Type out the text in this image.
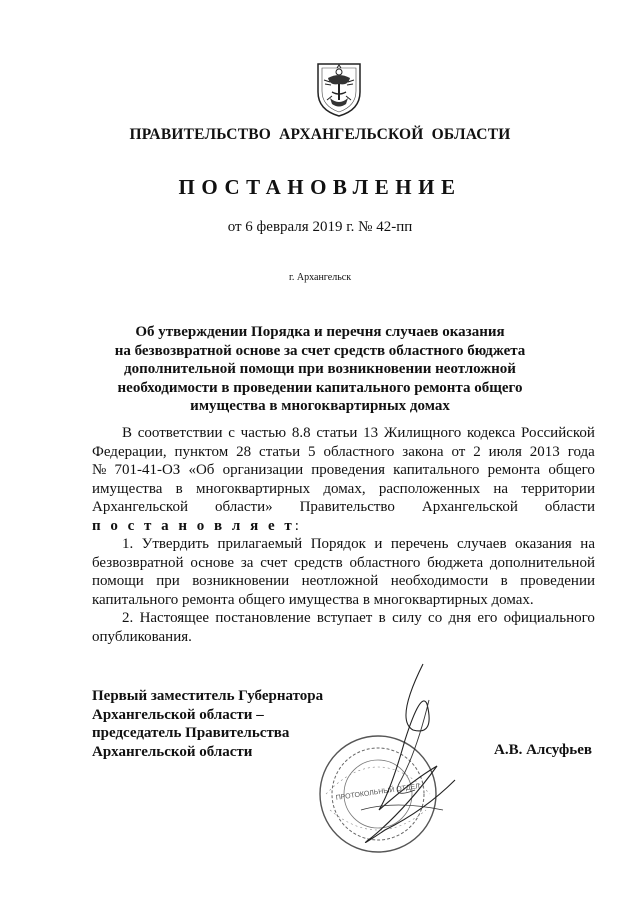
ПРАВИТЕЛЬСТВО АРХАНГЕЛЬСКОЙ ОБЛАСТИ
ПОСТАНОВЛЕНИЕ
от 6 февраля 2019 г. № 42-пп
г. Архангельск
Об утверждении Порядка и перечня случаев оказания
на безвозвратной основе за счет средств областного бюджета
дополнительной помощи при возникновении неотложной
необходимости в проведении капитального ремонта общего
имущества в многоквартирных домах
В соответствии с частью 8.8 статьи 13 Жилищного кодекса Российской
Федерации, пунктом 28 статьи 5 областного закона от 2 июля 2013 года
№ 701-41-ОЗ «Об организации проведения капитального ремонта общего
имущества в многоквартирных домах, расположенных на территории
Архангельской области» Правительство Архангельской области
п о с т а н о в л я е т :
1. Утвердить прилагаемый Порядок и перечень случаев оказания на
безвозвратной основе за счет средств областного бюджета дополнительной
помощи при возникновении неотложной необходимости в проведении
капитального ремонта общего имущества в многоквартирных домах.
2. Настоящее постановление вступает в силу со дня его официального
опубликования.
Первый заместитель Губернатора
Архангельской области –
председатель Правительства
Архангельской области	А.В. Алсуфьев
ПРОТОКОЛЬНЫЙ ОТДЕЛ
